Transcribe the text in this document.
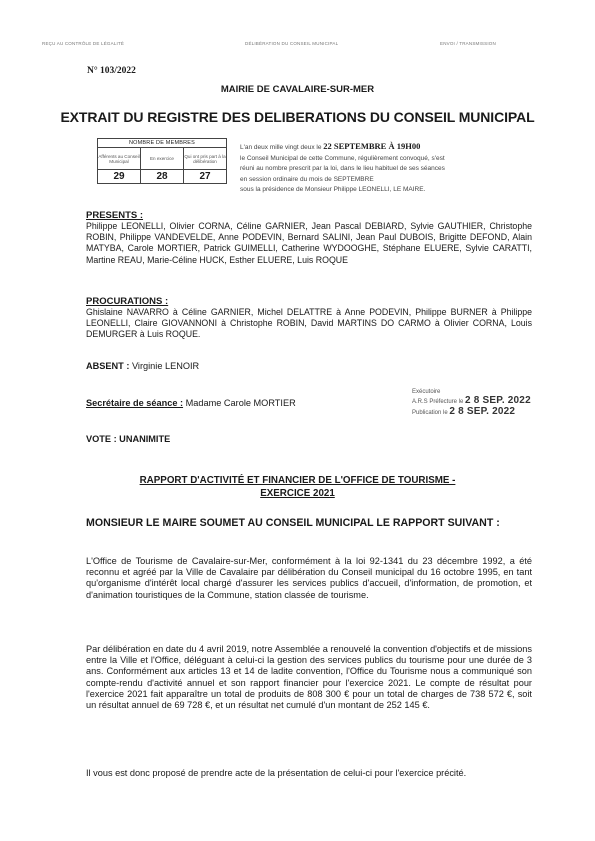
REÇU AU CONTRÔLE DE LÉGALITÉ	DÉLIBÉRATION DU CONSEIL MUNICIPAL	ENVOI / TRANSMISSION
N° 103/2022
MAIRIE DE CAVALAIRE-SUR-MER
EXTRAIT DU REGISTRE DES DELIBERATIONS DU CONSEIL MUNICIPAL
NOMBRE DE MEMBRES		
Afférents au Conseil Municipal	En exercice	Qui ont pris part à la délibération
29	28	27
L'an deux mille vingt deux le 22 SEPTEMBRE À 19H00
le Conseil Municipal de cette Commune, régulièrement convoqué, s'est
réuni au nombre prescrit par la loi, dans le lieu habituel de ses séances
en session ordinaire du mois de SEPTEMBRE
sous la présidence de Monsieur Philippe LEONELLI, LE MAIRE.
PRESENTS :
Philippe LEONELLI, Olivier CORNA, Céline GARNIER, Jean Pascal DEBIARD, Sylvie GAUTHIER, Christophe ROBIN, Philippe VANDEVELDE, Anne PODEVIN, Bernard SALINI, Jean Paul DUBOIS, Brigitte DEFOND, Alain MATYBA, Carole MORTIER, Patrick GUIMELLI, Catherine WYDOOGHE, Stéphane ELUERE, Sylvie CARATTI, Martine REAU, Marie-Céline HUCK, Esther ELUERE, Luis ROQUE
PROCURATIONS :
Ghislaine NAVARRO à Céline GARNIER, Michel DELATTRE à Anne PODEVIN, Philippe BURNER à Philippe LEONELLI, Claire GIOVANNONI à Christophe ROBIN, David MARTINS DO CARMO à Olivier CORNA, Louis DEMURGER à Luis ROQUE.
ABSENT : Virginie LENOIR
Secrétaire de séance : Madame Carole MORTIER
Exécutoire
A.R.S Préfecture le 2 8 SEP. 2022
Publication le 2 8 SEP. 2022
VOTE : UNANIMITE
RAPPORT D'ACTIVITÉ ET FINANCIER DE L'OFFICE DE TOURISME -
EXERCICE 2021
MONSIEUR LE MAIRE SOUMET AU CONSEIL MUNICIPAL LE RAPPORT SUIVANT :
L'Office de Tourisme de Cavalaire-sur-Mer, conformément à la loi 92-1341 du 23 décembre 1992, a été reconnu et agréé par la Ville de Cavalaire par délibération du Conseil municipal du 16 octobre 1995, en tant qu'organisme d'intérêt local chargé d'assurer les services publics d'accueil, d'information, de promotion, et d'animation touristiques de la Commune, station classée de tourisme.
Par délibération en date du 4 avril 2019, notre Assemblée a renouvelé la convention d'objectifs et de missions entre la Ville et l'Office, déléguant à celui-ci la gestion des services publics du tourisme pour une durée de 3 ans. Conformément aux articles 13 et 14 de ladite convention, l'Office du Tourisme nous a communiqué son compte-rendu d'activité annuel et son rapport financier pour l'exercice 2021. Le compte de résultat pour l'exercice 2021 fait apparaître un total de produits de 808 300 € pour un total de charges de 738 572 €, soit un résultat annuel de 69 728 €, et un résultat net cumulé d'un montant de 252 145 €.
Il vous est donc proposé de prendre acte de la présentation de celui-ci pour l'exercice précité.
